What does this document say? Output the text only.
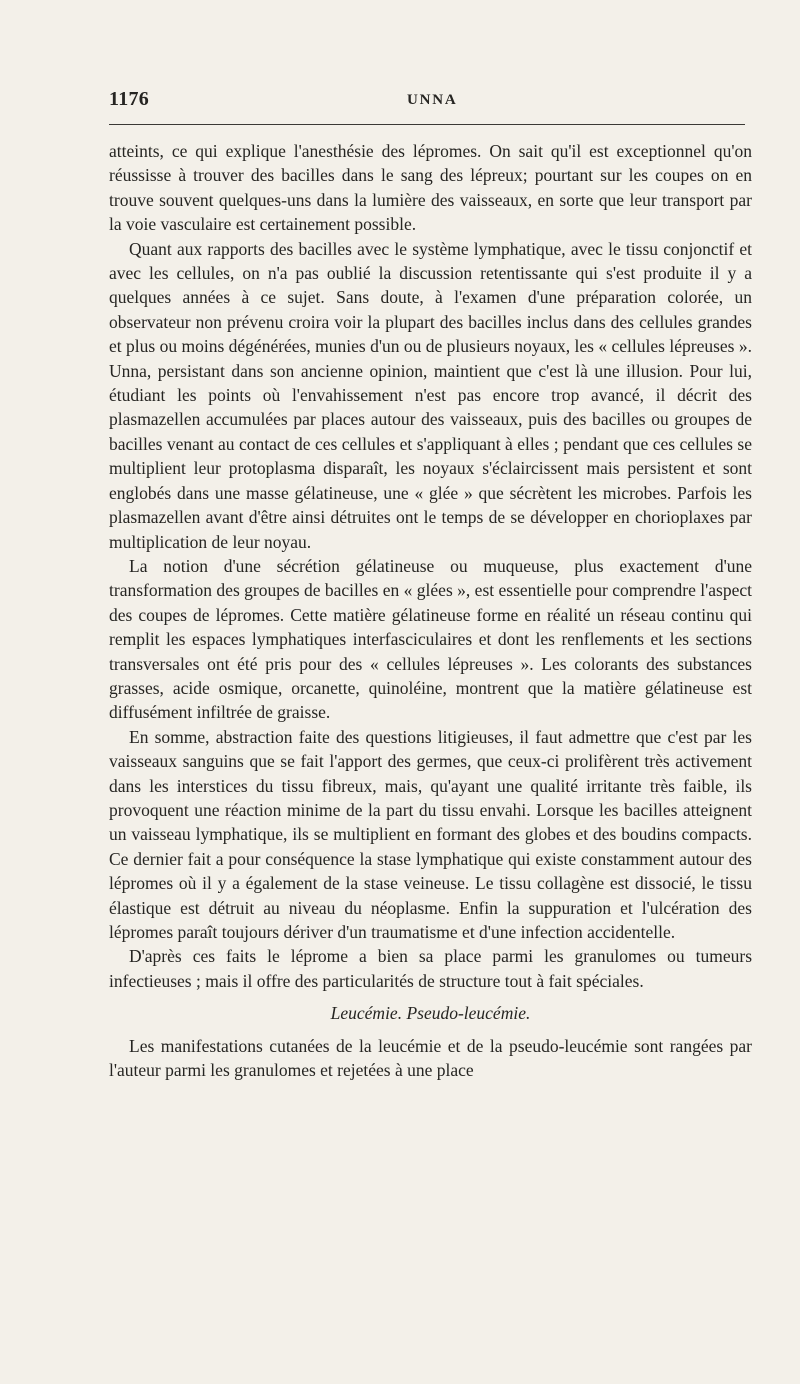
1176	UNNA

atteints, ce qui explique l'anesthésie des lépromes. On sait qu'il est exceptionnel qu'on réussisse à trouver des bacilles dans le sang des lépreux; pourtant sur les coupes on en trouve souvent quelques-uns dans la lumière des vaisseaux, en sorte que leur transport par la voie vasculaire est certainement possible.

Quant aux rapports des bacilles avec le système lymphatique, avec le tissu conjonctif et avec les cellules, on n'a pas oublié la discussion retentissante qui s'est produite il y a quelques années à ce sujet. Sans doute, à l'examen d'une préparation colorée, un observateur non prévenu croira voir la plupart des bacilles inclus dans des cellules grandes et plus ou moins dégénérées, munies d'un ou de plusieurs noyaux, les « cellules lépreuses ». Unna, persistant dans son ancienne opinion, maintient que c'est là une illusion. Pour lui, étudiant les points où l'envahissement n'est pas encore trop avancé, il décrit des plasmazellen accumulées par places autour des vaisseaux, puis des bacilles ou groupes de bacilles venant au contact de ces cellules et s'appliquant à elles ; pendant que ces cellules se multiplient leur protoplasma disparaît, les noyaux s'éclaircissent mais persistent et sont englobés dans une masse gélatineuse, une « glée » que sécrètent les microbes. Parfois les plasmazellen avant d'être ainsi détruites ont le temps de se développer en chorioplaxes par multiplication de leur noyau.

La notion d'une sécrétion gélatineuse ou muqueuse, plus exactement d'une transformation des groupes de bacilles en « glées », est essentielle pour comprendre l'aspect des coupes de lépromes. Cette matière gélatineuse forme en réalité un réseau continu qui remplit les espaces lymphatiques interfasciculaires et dont les renflements et les sections transversales ont été pris pour des « cellules lépreuses ». Les colorants des substances grasses, acide osmique, orcanette, quinoléine, montrent que la matière gélatineuse est diffusément infiltrée de graisse.

En somme, abstraction faite des questions litigieuses, il faut admettre que c'est par les vaisseaux sanguins que se fait l'apport des germes, que ceux-ci prolifèrent très activement dans les interstices du tissu fibreux, mais, qu'ayant une qualité irritante très faible, ils provoquent une réaction minime de la part du tissu envahi. Lorsque les bacilles atteignent un vaisseau lymphatique, ils se multiplient en formant des globes et des boudins compacts. Ce dernier fait a pour conséquence la stase lymphatique qui existe constamment autour des lépromes où il y a également de la stase veineuse. Le tissu collagène est dissocié, le tissu élastique est détruit au niveau du néoplasme. Enfin la suppuration et l'ulcération des lépromes paraît toujours dériver d'un traumatisme et d'une infection accidentelle.

D'après ces faits le léprome a bien sa place parmi les granulomes ou tumeurs infectieuses ; mais il offre des particularités de structure tout à fait spéciales.

Leucémie. Pseudo-leucémie.

Les manifestations cutanées de la leucémie et de la pseudo-leucémie sont rangées par l'auteur parmi les granulomes et rejetées à une place
